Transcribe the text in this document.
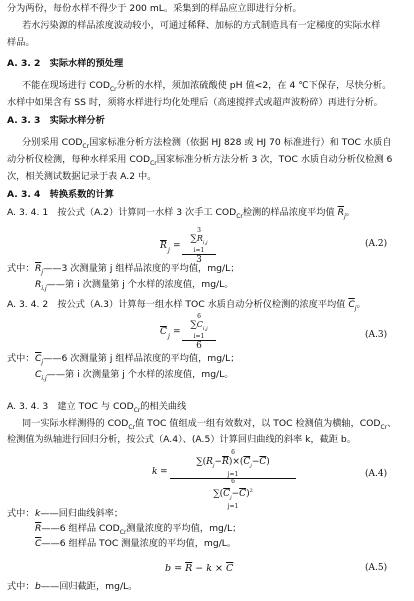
分为两份，每份水样不得少于 200 mL。采集到的样品应立即进行分析。
若水污染源的样品浓度波动较小，可通过稀释、加标的方式制造具有一定梯度的实际水样
样品。
A. 3. 2　实际水样的预处理
不能在现场进行 $COD_{Cr}$分析的水样，须加浓硫酸使 pH 值<2，在 4 ℃下保存，尽快分析。
水样中如果含有 SS 时，须将水样进行均化处理后（高速搅拌式或超声波粉碎）再进行分析。
A. 3. 3　实际水样分析
分别采用 $COD_{Cr}$国家标准分析方法检测（依据 HJ 828 或 HJ 70 标准进行）和 TOC 水质自
动分析仪检测，每种水样采用 $COD_{Cr}$国家标准分析方法分析 3 次，TOC 水质自动分析仪检测 6
次，相关测试数据记录于表 A.2 中。
A. 3. 4　转换系数的计算
A. 3. 4. 1　按公式（A.2）计算同一水样 3 次手工 $COD_{Cr}$检测的样品浓度平均值 $\overline{R}_j$。
$\overline{R}$ j =
3
$\sum R_{i,j}$
i=1
3
(A.2)
式中： $\overline{R}_j——3$ 次测量第 j 组样品浓度的平均值，mg/L；
$R_{i,j}——$第 i 次测量第 j 个水样的浓度值，mg/L。
A. 3. 4. 2　按公式（A.3）计算每一组水样 TOC 水质自动分析仪检测的浓度平均值 $\overline{C}_j$。
$\overline{C}$ j =
6
$\sum C_{i,j}$
i=1
6
(A.3)
式中： $\overline{C}_j——6$ 次测量第 j 组样品浓度的平均值，mg/L；
$C_{i,j}——$第 i 次测量第 j 个水样的浓度值，mg/L。
A. 3. 4. 3　建立 TOC 与 $COD_{Cr}$的相关曲线
同一实际水样测得的 $COD_{Cr}$值 TOC 值组成一组有效数对，以 TOC 检测值为横轴，$COD_{Cr}$、
检测值为纵轴进行回归分析，按公式（A.4）、(A.5）计算回归曲线的斜率 k，截距 b。
k =
6
$\sum(R_j-\overline{R})\times(\overline{C}_j-\overline{C})$
j=1
6
$\sum(\overline{C}_j-\overline{C})^2$
j=1
(A.4)
式中： k——回归曲线斜率；
$\overline{R}——6$ 组样品 $COD_{Cr}$测量浓度的平均值，mg/L；
$\overline{C}——6$ 组样品 TOC 测量浓度的平均值，mg/L。
$b = \overline{R} - k \times \overline{C}$	(A.5)
式中： b——回归截距，mg/L。
